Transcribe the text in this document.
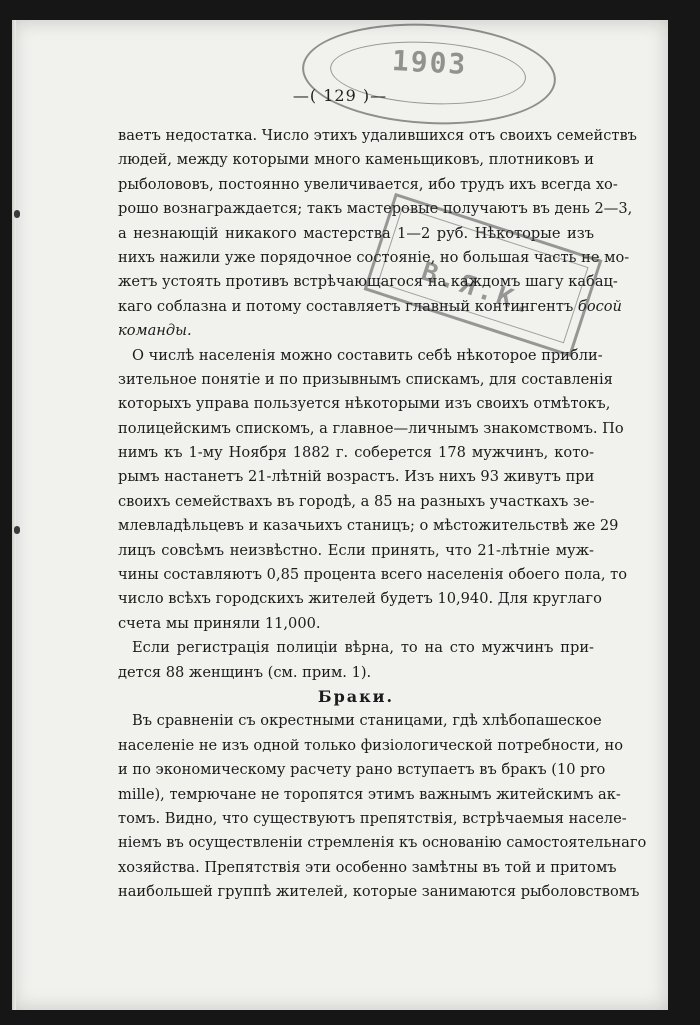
1903
—( 129 )—
ваетъ недостатка. Число этихъ удалившихся отъ своихъ семействъ
людей, между которыми много каменьщиковъ, плотниковъ и
рыболововъ, постоянно увеличивается, ибо трудъ ихъ всегда хо-
рошо вознаграждается; такъ мастеровые получаютъ въ день 2—3,
а незнающій никакого мастерства 1—2 руб. Нѣкоторые изъ
нихъ нажили уже порядочное состояніе, но большая часть не мо-
жетъ устоять противъ встрѣчающагося на каждомъ шагу кабац-
каго соблазна и потому составляетъ главный контингентъ босой
команды.
О числѣ населенія можно составить себѣ нѣкоторое прибли-
зительное понятіе и по призывнымъ спискамъ, для составленія
которыхъ управа пользуется нѣкоторыми изъ своихъ отмѣтокъ,
полицейскимъ спискомъ, а главное—личнымъ знакомствомъ. По
нимъ къ 1-му Ноября 1882 г. соберется 178 мужчинъ, кото-
рымъ настанетъ 21-лѣтній возрастъ. Изъ нихъ 93 живутъ при
своихъ семействахъ въ городѣ, а 85 на разныхъ участкахъ зе-
млевладѣльцевъ и казачьихъ станицъ; о мѣстожительствѣ же 29
лицъ совсѣмъ неизвѣстно. Если принять, что 21-лѣтніе муж-
чины составляютъ 0,85 процента всего населенія обоего пола, то
число всѣхъ городскихъ жителей будетъ 10,940. Для круглаго
счета мы приняли 11,000.
Если регистрація полиціи вѣрна, то на сто мужчинъ при-
дется 88 женщинъ (см. прим. 1).
Браки.
Въ сравненіи съ окрестными станицами, гдѣ хлѣбопашеское
населеніе не изъ одной только физіологической потребности, но
и по экономическому расчету рано вступаетъ въ бракъ (10 pro
mille), темрючане не торопятся этимъ важнымъ житейскимъ ак-
томъ. Видно, что существуютъ препятствія, встрѣчаемыя населе-
ніемъ въ осуществленіи стремленія къ основанію самостоятельнаго
хозяйства. Препятствія эти особенно замѣтны въ той и притомъ
наибольшей группѣ жителей, которые занимаются рыболовствомъ
В.Я.К.
